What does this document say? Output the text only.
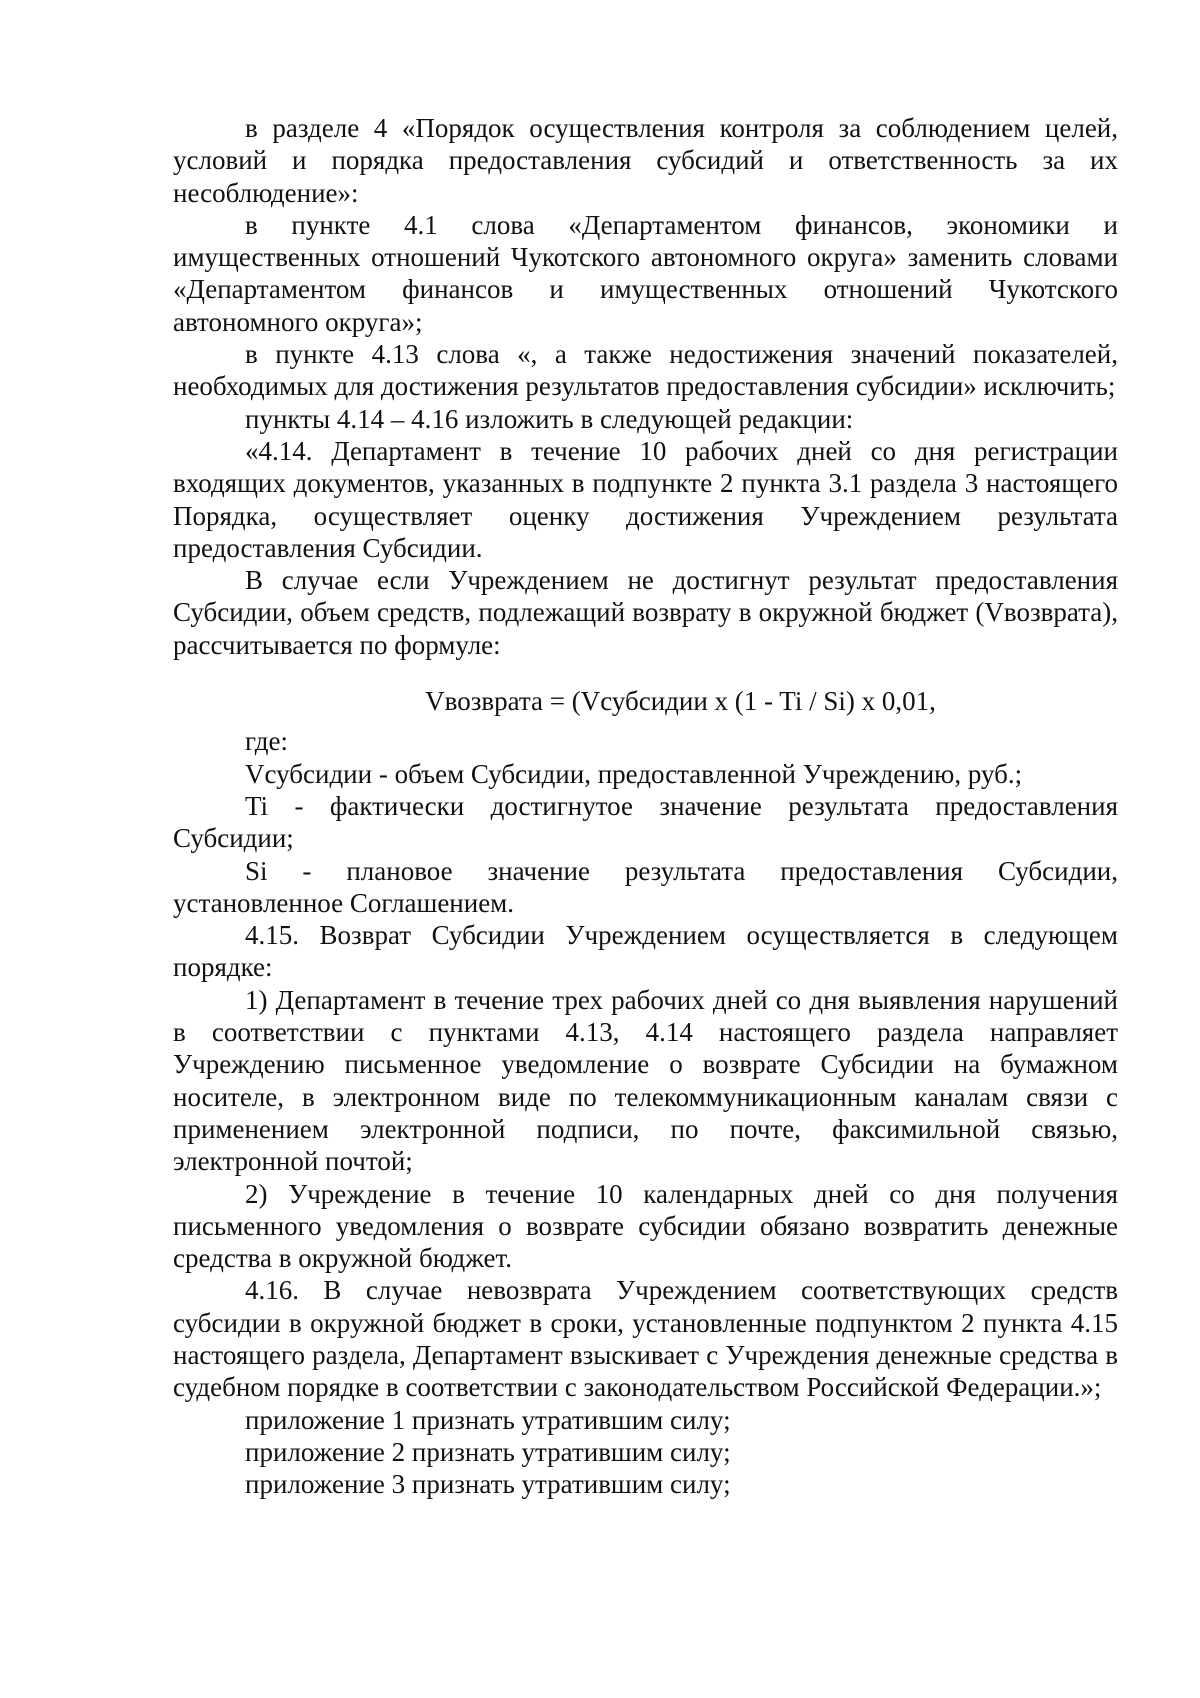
в разделе 4 «Порядок осуществления контроля за соблюдением целей, условий и порядка предоставления субсидий и ответственность за их несоблюдение»:

в пункте 4.1 слова «Департаментом финансов, экономики и имущественных отношений Чукотского автономного округа» заменить словами «Департаментом финансов и имущественных отношений Чукотского автономного округа»;

в пункте 4.13 слова «, а также недостижения значений показателей, необходимых для достижения результатов предоставления субсидии» исключить;

пункты 4.14 – 4.16 изложить в следующей редакции:

«4.14. Департамент в течение 10 рабочих дней со дня регистрации входящих документов, указанных в подпункте 2 пункта 3.1 раздела 3 настоящего Порядка, осуществляет оценку достижения Учреждением результата предоставления Субсидии.

В случае если Учреждением не достигнут результат предоставления Субсидии, объем средств, подлежащий возврату в окружной бюджет (Vвозврата), рассчитывается по формуле:

Vвозврата = (Vсубсидии x (1 - Ti / Si) x 0,01,

где:

Vсубсидии - объем Субсидии, предоставленной Учреждению, руб.;

Ti - фактически достигнутое значение результата предоставления Субсидии;

Si - плановое значение результата предоставления Субсидии, установленное Соглашением.

4.15. Возврат Субсидии Учреждением осуществляется в следующем порядке:

1) Департамент в течение трех рабочих дней со дня выявления нарушений в соответствии с пунктами 4.13, 4.14 настоящего раздела направляет Учреждению письменное уведомление о возврате Субсидии на бумажном носителе, в электронном виде по телекоммуникационным каналам связи с применением электронной подписи, по почте, факсимильной связью, электронной почтой;

2) Учреждение в течение 10 календарных дней со дня получения письменного уведомления о возврате субсидии обязано возвратить денежные средства в окружной бюджет.

4.16. В случае невозврата Учреждением соответствующих средств субсидии в окружной бюджет в сроки, установленные подпунктом 2 пункта 4.15 настоящего раздела, Департамент взыскивает с Учреждения денежные средства в судебном порядке в соответствии с законодательством Российской Федерации.»;

приложение 1 признать утратившим силу;

приложение 2 признать утратившим силу;

приложение 3 признать утратившим силу;
